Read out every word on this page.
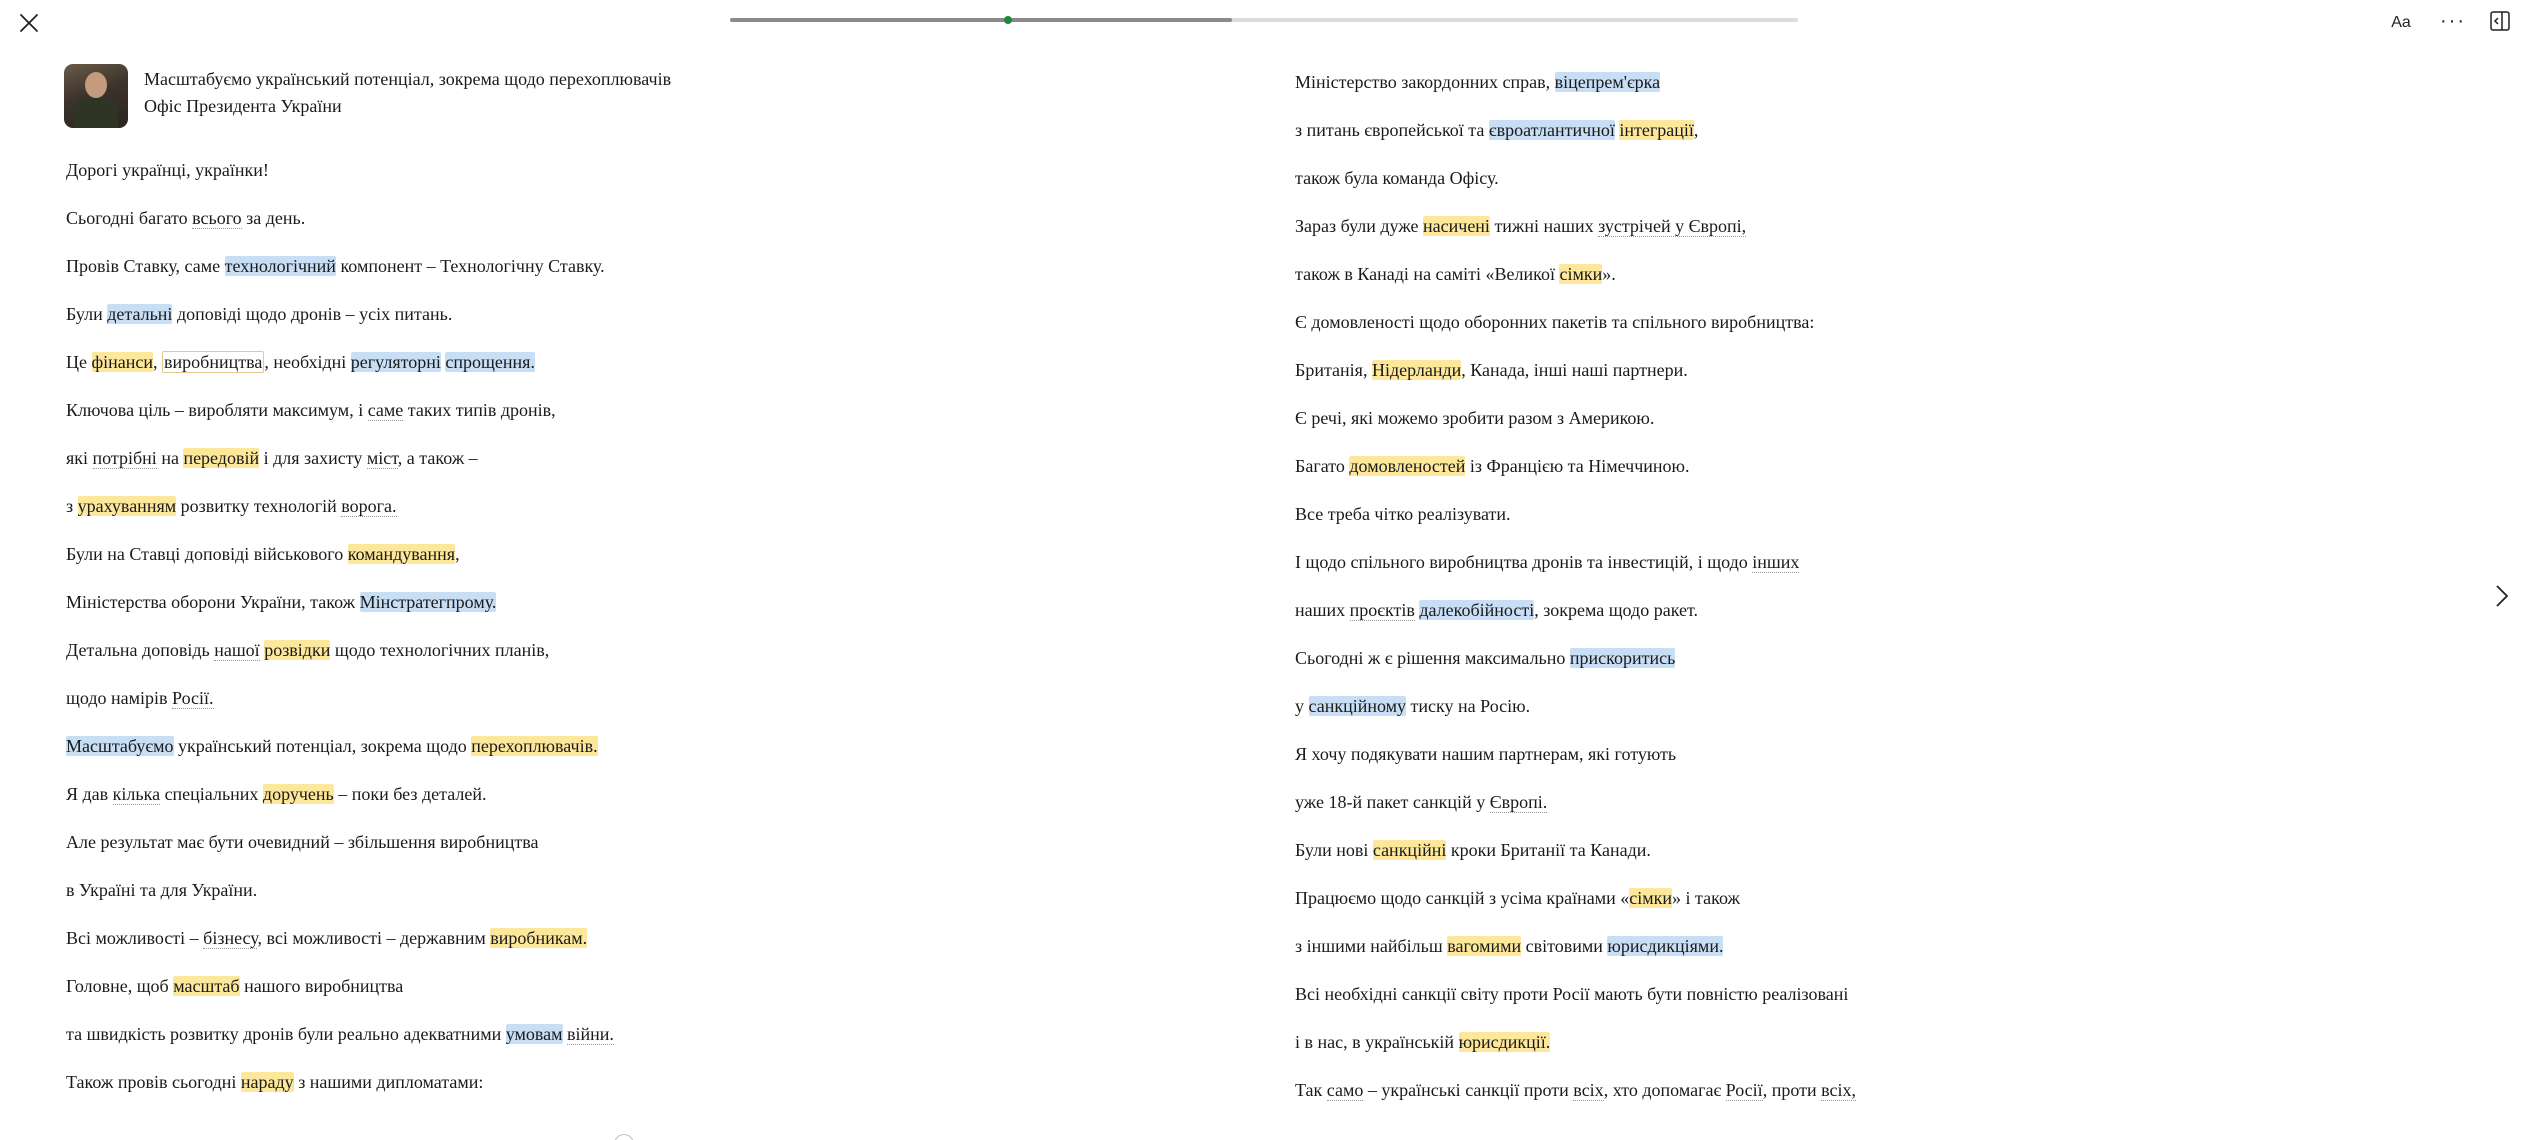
Aa ···
Масштабуємо український потенціал, зокрема щодо перехоплювачів
Офіс Президента України
Дорогі українці, українки!
Сьогодні багато всього за день.
Провів Ставку, саме технологічний компонент – Технологічну Ставку.
Були детальні доповіді щодо дронів – усіх питань.
Це фінанси, виробництва , необхідні регуляторні спрощення.
Ключова ціль – виробляти максимум, і саме таких типів дронів,
які потрібні на передовій і для захисту міст, а також –
з урахуванням розвитку технологій ворога.
Були на Ставці доповіді військового командування,
Міністерства оборони України, також Мінстратегпрому.
Детальна доповідь нашої розвідки щодо технологічних планів,
щодо намірів Росії.
Масштабуємо український потенціал, зокрема щодо перехоплювачів.
Я дав кілька спеціальних доручень – поки без деталей.
Але результат має бути очевидний – збільшення виробництва
в Україні та для України.
Всі можливості – бізнесу, всі можливості – державним виробникам.
Головне, щоб масштаб нашого виробництва
та швидкість розвитку дронів були реально адекватними умовам війни.
Також провів сьогодні нараду з нашими дипломатами:
Міністерство закордонних справ, віцепрем'єрка
з питань європейської та євроатлантичної інтеграції,
також була команда Офісу.
Зараз були дуже насичені тижні наших зустрічей у Європі,
також в Канаді на саміті «Великої сімки».
Є домовленості щодо оборонних пакетів та спільного виробництва:
Британія, Нідерланди, Канада, інші наші партнери.
Є речі, які можемо зробити разом з Америкою.
Багато домовленостей із Францією та Німеччиною.
Все треба чітко реалізувати.
І щодо спільного виробництва дронів та інвестицій, і щодо інших
наших проєктів далекобійності, зокрема щодо ракет.
Сьогодні ж є рішення максимально прискоритись
у санкційному тиску на Росію.
Я хочу подякувати нашим партнерам, які готують
уже 18-й пакет санкцій у Європі.
Були нові санкційні кроки Британії та Канади.
Працюємо щодо санкцій з усіма країнами «сімки» і також
з іншими найбільш вагомими світовими юрисдикціями.
Всі необхідні санкції світу проти Росії мають бути повністю реалізовані
і в нас, в українській юрисдикції.
Так само – українські санкції проти всіх, хто допомагає Росії, проти всіх,
